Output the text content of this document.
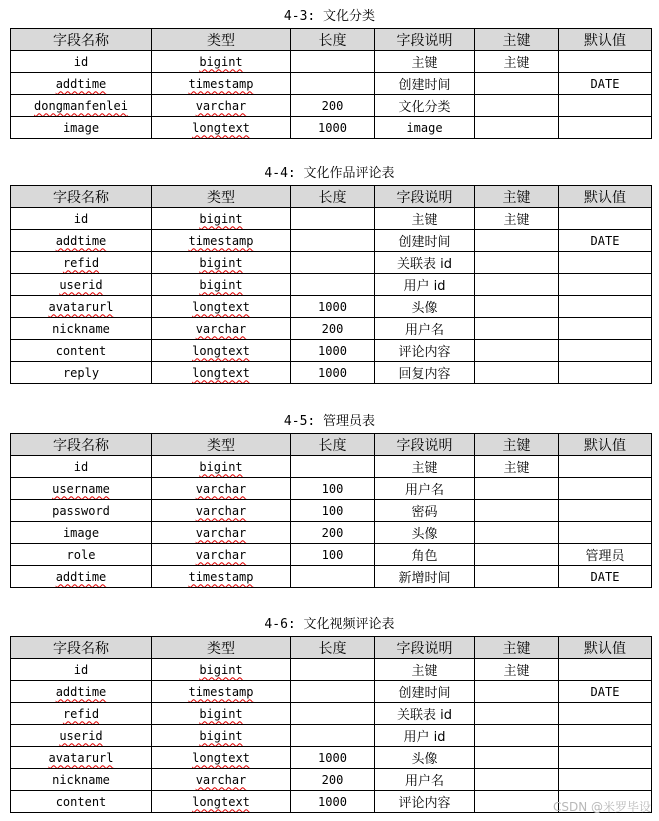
4-3: 文化分类
字段名称	类型	长度	字段说明	主键	默认值
id	bigint		主键	主键	
addtime	timestamp		创建时间		DATE
dongmanfenlei	varchar	200	文化分类		
image	longtext	1000	image		
4-4: 文化作品评论表
字段名称	类型	长度	字段说明	主键	默认值
id	bigint		主键	主键	
addtime	timestamp		创建时间		DATE
refid	bigint		关联表 id		
userid	bigint		用户 id		
avatarurl	longtext	1000	头像		
nickname	varchar	200	用户名		
content	longtext	1000	评论内容		
reply	longtext	1000	回复内容		
4-5: 管理员表
字段名称	类型	长度	字段说明	主键	默认值
id	bigint		主键	主键	
username	varchar	100	用户名		
password	varchar	100	密码		
image	varchar	200	头像		
role	varchar	100	角色		管理员
addtime	timestamp		新增时间		DATE
4-6: 文化视频评论表
字段名称	类型	长度	字段说明	主键	默认值
id	bigint		主键	主键	
addtime	timestamp		创建时间		DATE
refid	bigint		关联表 id		
userid	bigint		用户 id		
avatarurl	longtext	1000	头像		
nickname	varchar	200	用户名		
content	longtext	1000	评论内容			CSDN @米罗毕设
